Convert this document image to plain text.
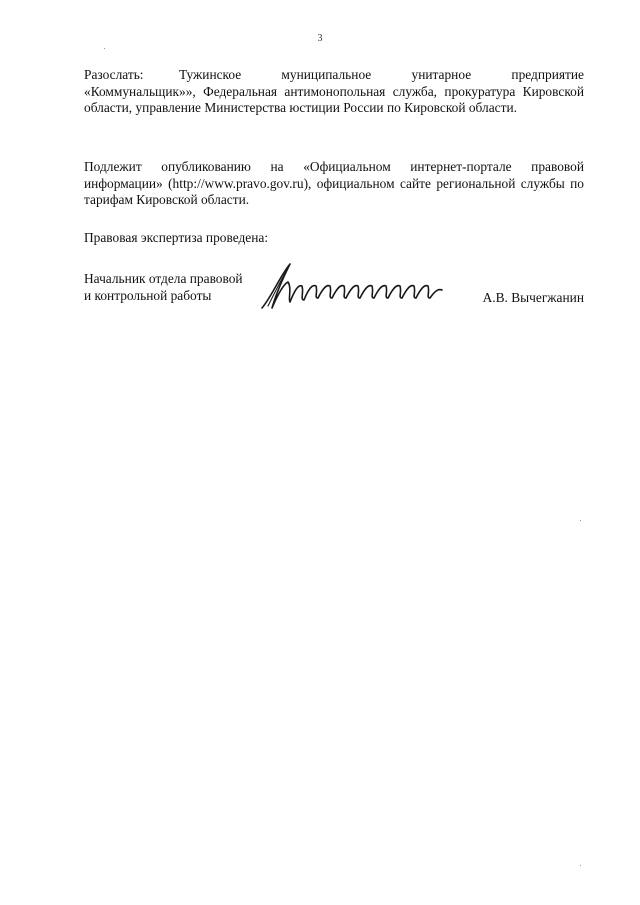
3
Разослать:	Тужинское муниципальное унитарное предприятие «Коммунальщик»», Федеральная антимонопольная служба, прокуратура Кировской области, управление Министерства юстиции России по Кировской области.
Подлежит опубликованию на «Официальном интернет-портале правовой информации» (http://www.pravo.gov.ru), официальном сайте региональной службы по тарифам Кировской области.
Правовая экспертиза проведена:
Начальник отдела правовой
и контрольной работы	А.В. Вычегжанин
